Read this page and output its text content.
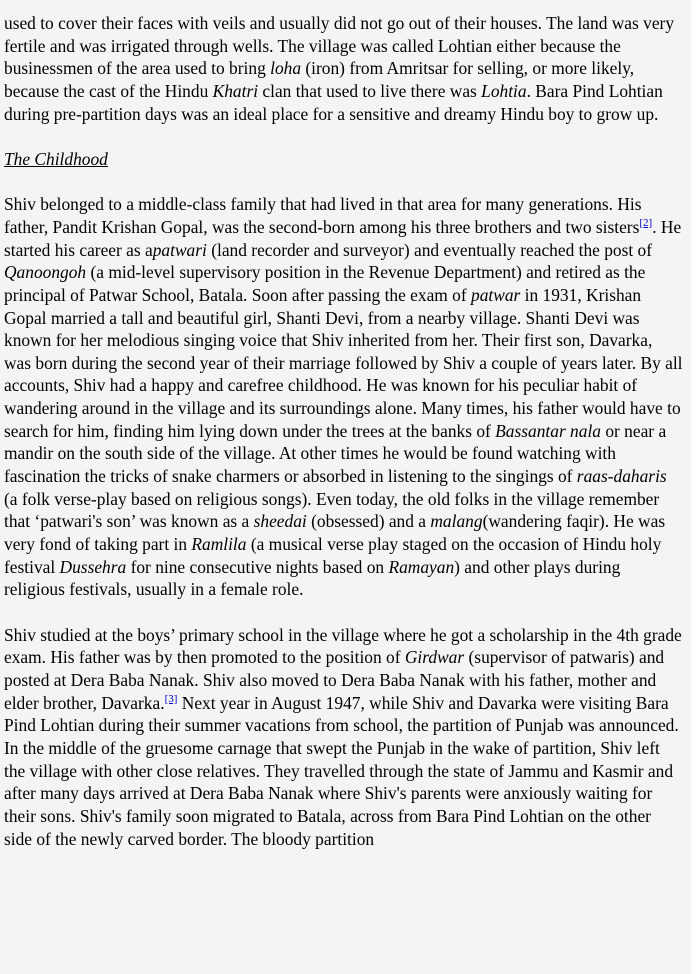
used to cover their faces with veils and usually did not go out of their houses. The land was very fertile and was irrigated through wells. The village was called Lohtian either because the businessmen of the area used to bring loha (iron) from Amritsar for selling, or more likely, because the cast of the Hindu Khatri clan that used to live there was Lohtia. Bara Pind Lohtian during pre-partition days was an ideal place for a sensitive and dreamy Hindu boy to grow up.

The Childhood

Shiv belonged to a middle-class family that had lived in that area for many generations. His father, Pandit Krishan Gopal, was the second-born among his three brothers and two sisters[2]. He started his career as apatwari (land recorder and surveyor) and eventually reached the post of Qanoongoh (a mid-level supervisory position in the Revenue Department) and retired as the principal of Patwar School, Batala. Soon after passing the exam of patwar in 1931, Krishan Gopal married a tall and beautiful girl, Shanti Devi, from a nearby village. Shanti Devi was known for her melodious singing voice that Shiv inherited from her. Their first son, Davarka, was born during the second year of their marriage followed by Shiv a couple of years later. By all accounts, Shiv had a happy and carefree childhood. He was known for his peculiar habit of wandering around in the village and its surroundings alone. Many times, his father would have to search for him, finding him lying down under the trees at the banks of Bassantar nala or near a mandir on the south side of the village. At other times he would be found watching with fascination the tricks of snake charmers or absorbed in listening to the singings of raas-daharis (a folk verse-play based on religious songs). Even today, the old folks in the village remember that ‘patwari's son’ was known as a sheedai (obsessed) and a malang(wandering faqir). He was very fond of taking part in Ramlila (a musical verse play staged on the occasion of Hindu holy festival Dussehra for nine consecutive nights based on Ramayan) and other plays during religious festivals, usually in a female role.

Shiv studied at the boys’ primary school in the village where he got a scholarship in the 4th grade exam. His father was by then promoted to the position of Girdwar (supervisor of patwaris) and posted at Dera Baba Nanak. Shiv also moved to Dera Baba Nanak with his father, mother and elder brother, Davarka.[3] Next year in August 1947, while Shiv and Davarka were visiting Bara Pind Lohtian during their summer vacations from school, the partition of Punjab was announced. In the middle of the gruesome carnage that swept the Punjab in the wake of partition, Shiv left the village with other close relatives. They travelled through the state of Jammu and Kasmir and after many days arrived at Dera Baba Nanak where Shiv's parents were anxiously waiting for their sons. Shiv's family soon migrated to Batala, across from Bara Pind Lohtian on the other side of the newly carved border. The bloody partition
